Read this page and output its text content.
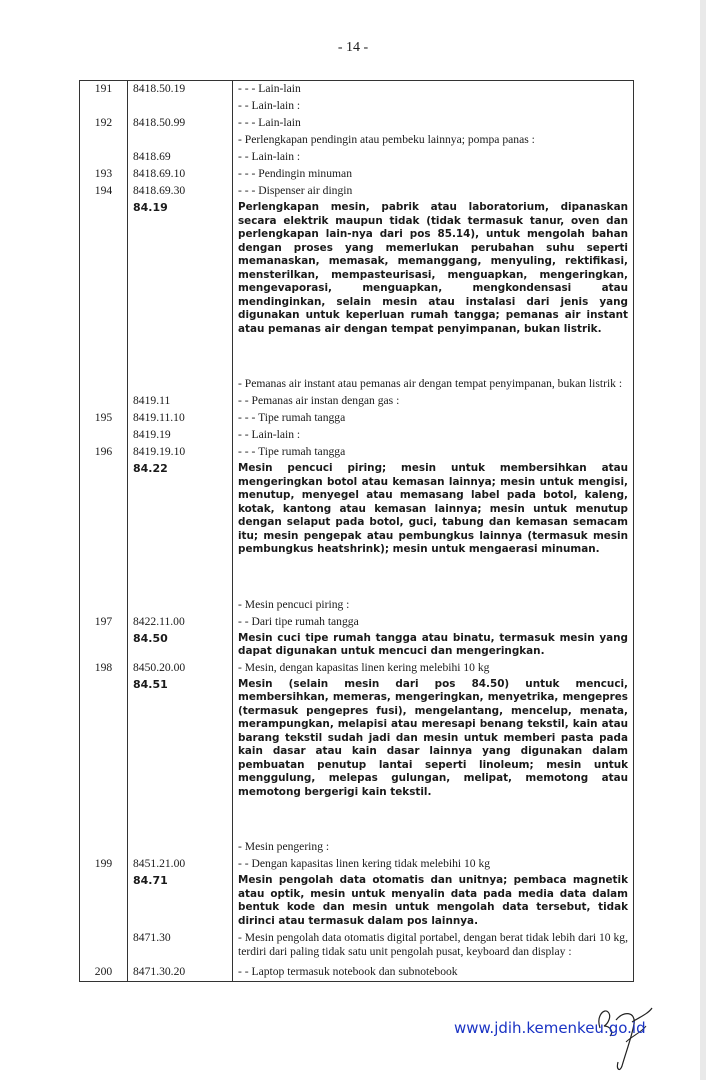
- 14 -
191	8418.50.19	- - - Lain-lain
		- - Lain-lain :
192	8418.50.99	- - - Lain-lain
		- Perlengkapan pendingin atau pembeku lainnya; pompa panas :
	8418.69	- - Lain-lain :
193	8418.69.10	- - - Pendingin minuman
194	8418.69.30	- - - Dispenser air dingin
	84.19	Perlengkapan mesin, pabrik atau laboratorium, dipanaskan secara elektrik maupun tidak (tidak termasuk tanur, oven dan perlengkapan lain-nya dari pos 85.14), untuk mengolah bahan dengan proses yang memerlukan perubahan suhu seperti memanaskan, memasak, memanggang, menyuling, rektifikasi, mensterilkan, mempasteurisasi, menguapkan, mengeringkan, mengevaporasi, menguapkan, mengkondensasi atau mendinginkan, selain mesin atau instalasi dari jenis yang digunakan untuk keperluan rumah tangga; pemanas air instant atau pemanas air dengan tempat penyimpanan, bukan listrik.
		- Pemanas air instant atau pemanas air dengan tempat penyimpanan, bukan listrik :
	8419.11	- - Pemanas air instan dengan gas :
195	8419.11.10	- - - Tipe rumah tangga
	8419.19	- - Lain-lain :
196	8419.19.10	- - - Tipe rumah tangga
	84.22	Mesin pencuci piring; mesin untuk membersihkan atau mengeringkan botol atau kemasan lainnya; mesin untuk mengisi, menutup, menyegel atau memasang label pada botol, kaleng, kotak, kantong atau kemasan lainnya; mesin untuk menutup dengan selaput pada botol, guci, tabung dan kemasan semacam itu; mesin pengepak atau pembungkus lainnya (termasuk mesin pembungkus heatshrink); mesin untuk mengaerasi minuman.
		- Mesin pencuci piring :
197	8422.11.00	- - Dari tipe rumah tangga
	84.50	Mesin cuci tipe rumah tangga atau binatu, termasuk mesin yang dapat digunakan untuk mencuci dan mengeringkan.
198	8450.20.00	- Mesin, dengan kapasitas linen kering melebihi 10 kg
	84.51	Mesin (selain mesin dari pos 84.50) untuk mencuci, membersihkan, memeras, mengeringkan, menyetrika, mengepres (termasuk pengepres fusi), mengelantang, mencelup, menata, merampungkan, melapisi atau meresapi benang tekstil, kain atau barang tekstil sudah jadi dan mesin untuk memberi pasta pada kain dasar atau kain dasar lainnya yang digunakan dalam pembuatan penutup lantai seperti linoleum; mesin untuk menggulung, melepas gulungan, melipat, memotong atau memotong bergerigi kain tekstil.
		- Mesin pengering :
199	8451.21.00	- - Dengan kapasitas linen kering tidak melebihi 10 kg
	84.71	Mesin pengolah data otomatis dan unitnya; pembaca magnetik atau optik, mesin untuk menyalin data pada media data dalam bentuk kode dan mesin untuk mengolah data tersebut, tidak dirinci atau termasuk dalam pos lainnya.
	8471.30	- Mesin pengolah data otomatis digital portabel, dengan berat tidak lebih dari 10 kg, terdiri dari paling tidak satu unit pengolah pusat, keyboard dan display :
200	8471.30.20	- - Laptop termasuk notebook dan subnotebook
www.jdih.kemenkeu.go.id
